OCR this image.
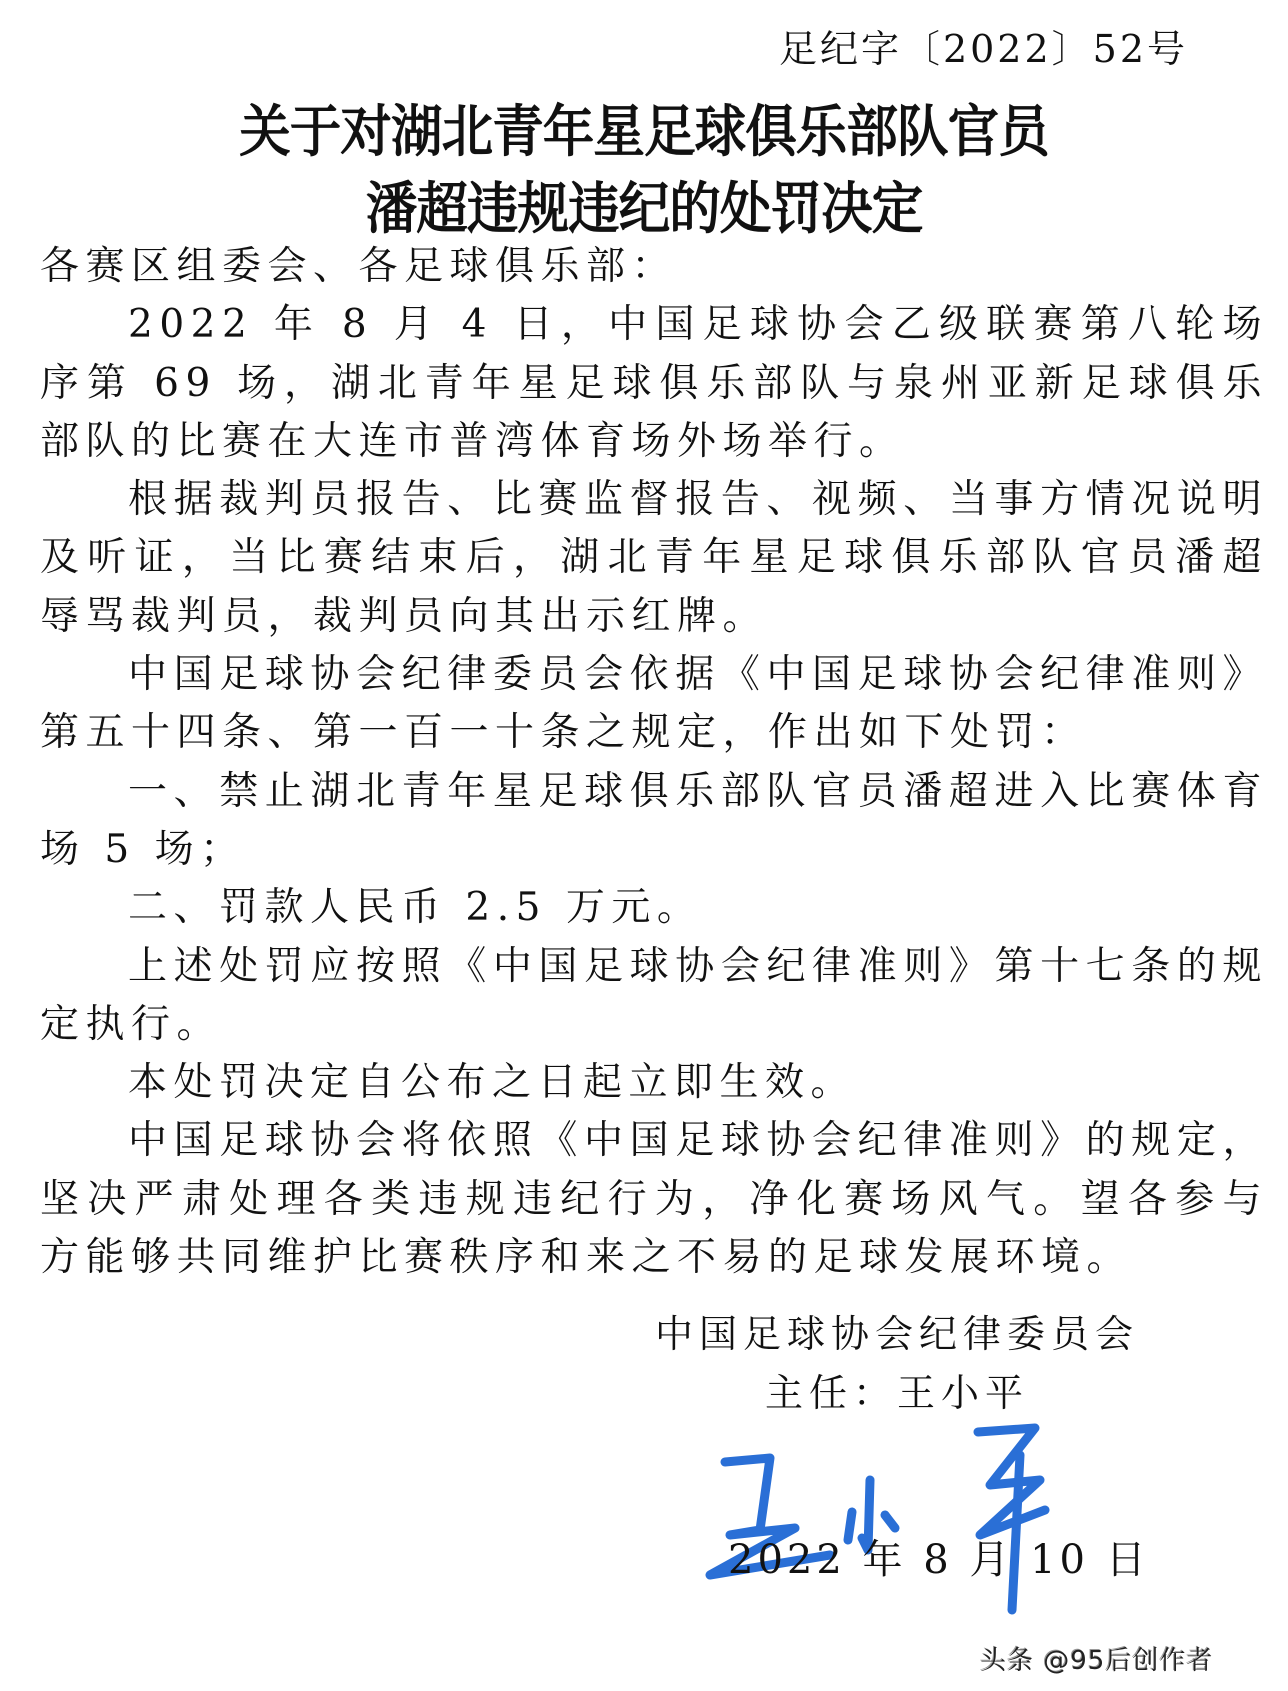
足纪字〔2022〕52号
关于对湖北青年星足球俱乐部队官员
潘超违规违纪的处罚决定

各赛区组委会、各足球俱乐部：

2022 年 8 月 4 日，中国足球协会乙级联赛第八轮场序第 69 场，湖北青年星足球俱乐部队与泉州亚新足球俱乐部队的比赛在大连市普湾体育场外场举行。

根据裁判员报告、比赛监督报告、视频、当事方情况说明及听证，当比赛结束后，湖北青年星足球俱乐部队官员潘超辱骂裁判员，裁判员向其出示红牌。

中国足球协会纪律委员会依据《中国足球协会纪律准则》第五十四条、第一百一十条之规定，作出如下处罚：

一、禁止湖北青年星足球俱乐部队官员潘超进入比赛体育场 5 场；

二、罚款人民币 2.5 万元。

上述处罚应按照《中国足球协会纪律准则》第十七条的规定执行。

本处罚决定自公布之日起立即生效。

中国足球协会将依照《中国足球协会纪律准则》的规定，坚决严肃处理各类违规违纪行为，净化赛场风气。望各参与方能够共同维护比赛秩序和来之不易的足球发展环境。

中国足球协会纪律委员会
主任：王小平
2022 年 8 月 10 日
头条 @95后创作者
